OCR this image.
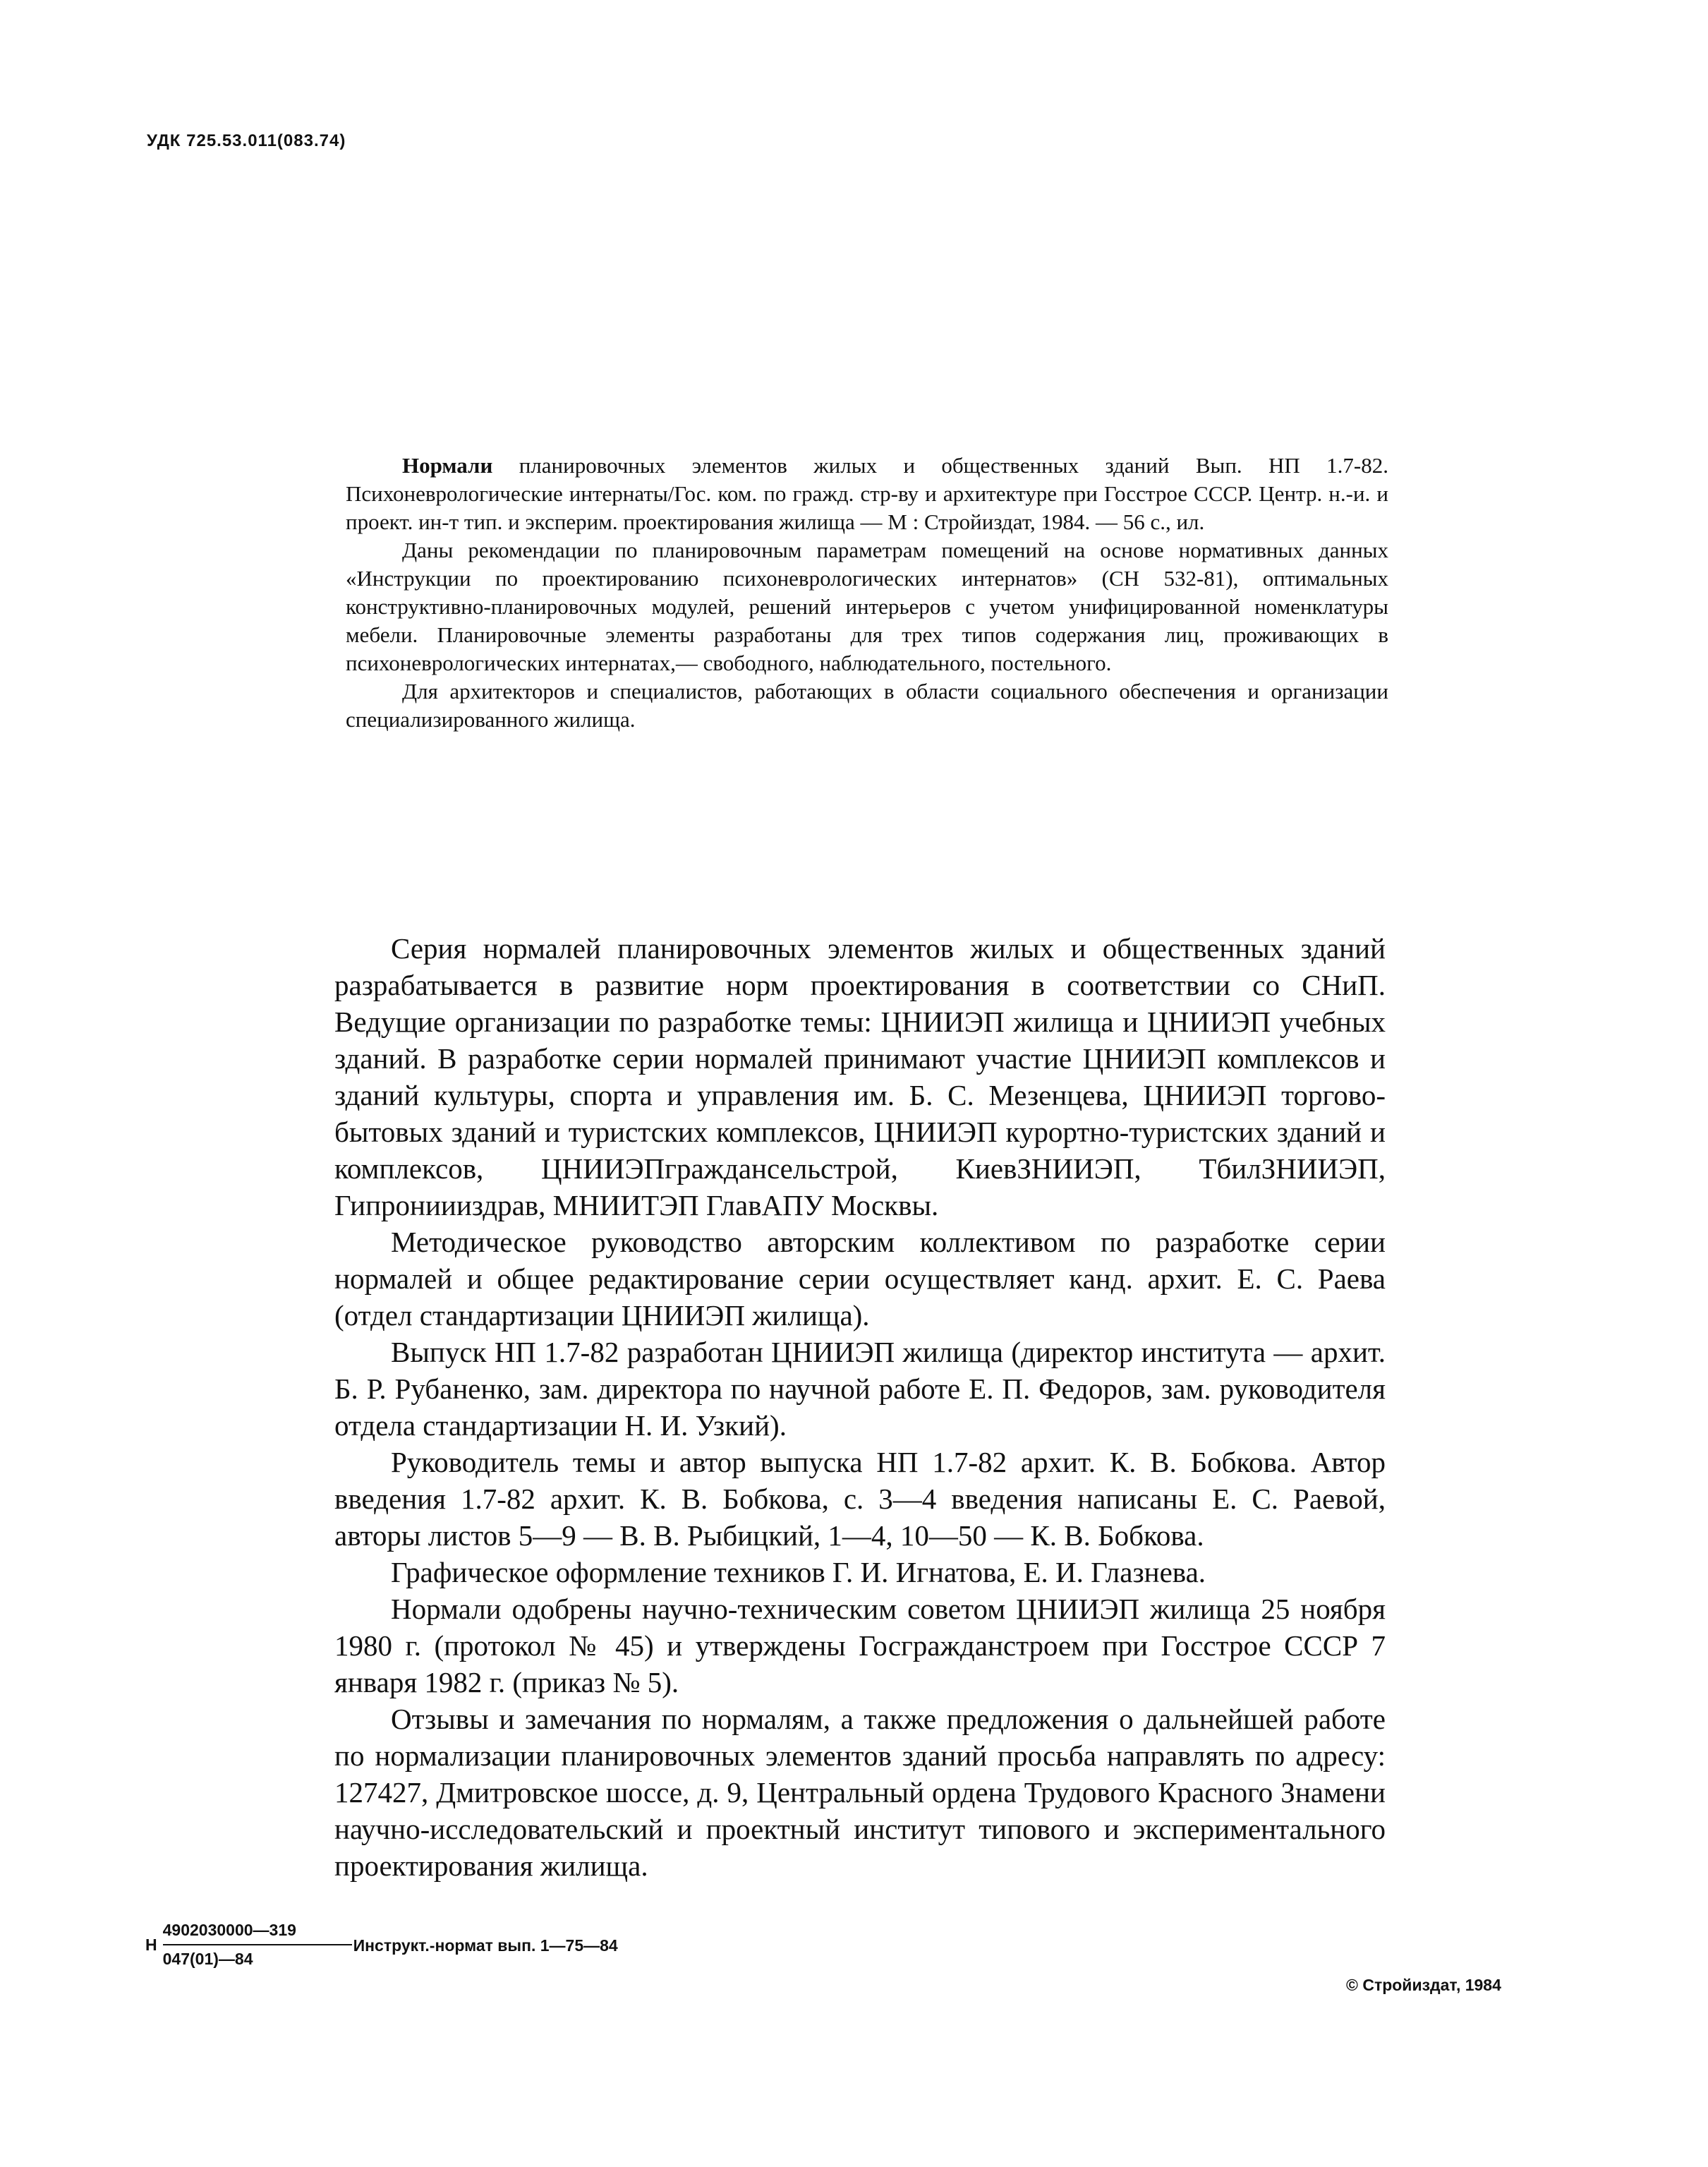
УДК 725.53.011(083.74)

Нормали планировочных элементов жилых и общественных зданий Вып. НП 1.7-82. Психоневрологические интернаты/Гос. ком. по гражд. стр-ву и архитектуре при Госстрое СССР. Центр. н.-и. и проект. ин-т тип. и эксперим. проектирования жилища — М : Стройиздат, 1984. — 56 с., ил.

Даны рекомендации по планировочным параметрам помещений на основе нормативных данных «Инструкции по проектированию психоневрологических интернатов» (СН 532-81), оптимальных конструктивно-планировочных модулей, решений интерьеров с учетом унифицированной номенклатуры мебели. Планировочные элементы разработаны для трех типов содержания лиц, проживающих в психоневрологических интернатах,— свободного, наблюдательного, постельного.

Для архитекторов и специалистов, работающих в области социального обеспечения и организации специализированного жилища.

Серия нормалей планировочных элементов жилых и общественных зданий разрабатывается в развитие норм проектирования в соответствии со СНиП. Ведущие организации по разработке темы: ЦНИИЭП жилища и ЦНИИЭП учебных зданий. В разработке серии нормалей принимают участие ЦНИИЭП комплексов и зданий культуры, спорта и управления им. Б. С. Мезенцева, ЦНИИЭП торгово-бытовых зданий и туристских комплексов, ЦНИИЭП курортно-туристских зданий и комплексов, ЦНИИЭПграждансельстрой, КиевЗНИИЭП, ТбилЗНИИЭП, Гипрониииздрав, МНИИТЭП ГлавАПУ Москвы.

Методическое руководство авторским коллективом по разработке серии нормалей и общее редактирование серии осуществляет канд. архит. Е. С. Раева (отдел стандартизации ЦНИИЭП жилища).

Выпуск НП 1.7-82 разработан ЦНИИЭП жилища (директор института — архит. Б. Р. Рубаненко, зам. директора по научной работе Е. П. Федоров, зам. руководителя отдела стандартизации Н. И. Узкий).

Руководитель темы и автор выпуска НП 1.7-82 архит. К. В. Бобкова. Автор введения 1.7-82 архит. К. В. Бобкова, с. 3—4 введения написаны Е. С. Раевой, авторы листов 5—9 — В. В. Рыбицкий, 1—4, 10—50 — К. В. Бобкова.

Графическое оформление техников Г. И. Игнатова, Е. И. Глазнева.

Нормали одобрены научно-техническим советом ЦНИИЭП жилища 25 ноября 1980 г. (протокол № 45) и утверждены Госгражданстроем при Госстрое СССР 7 января 1982 г. (приказ № 5).

Отзывы и замечания по нормалям, а также предложения о дальнейшей работе по нормализации планировочных элементов зданий просьба направлять по адресу: 127427, Дмитровское шоссе, д. 9, Центральный ордена Трудового Красного Знамени научно-исследовательский и проектный институт типового и экспериментального проектирования жилища.

Н $\frac{4902030000—319}{047(01)—84}$ Инструкт.-нормат вып. 1—75—84
© Стройиздат, 1984
